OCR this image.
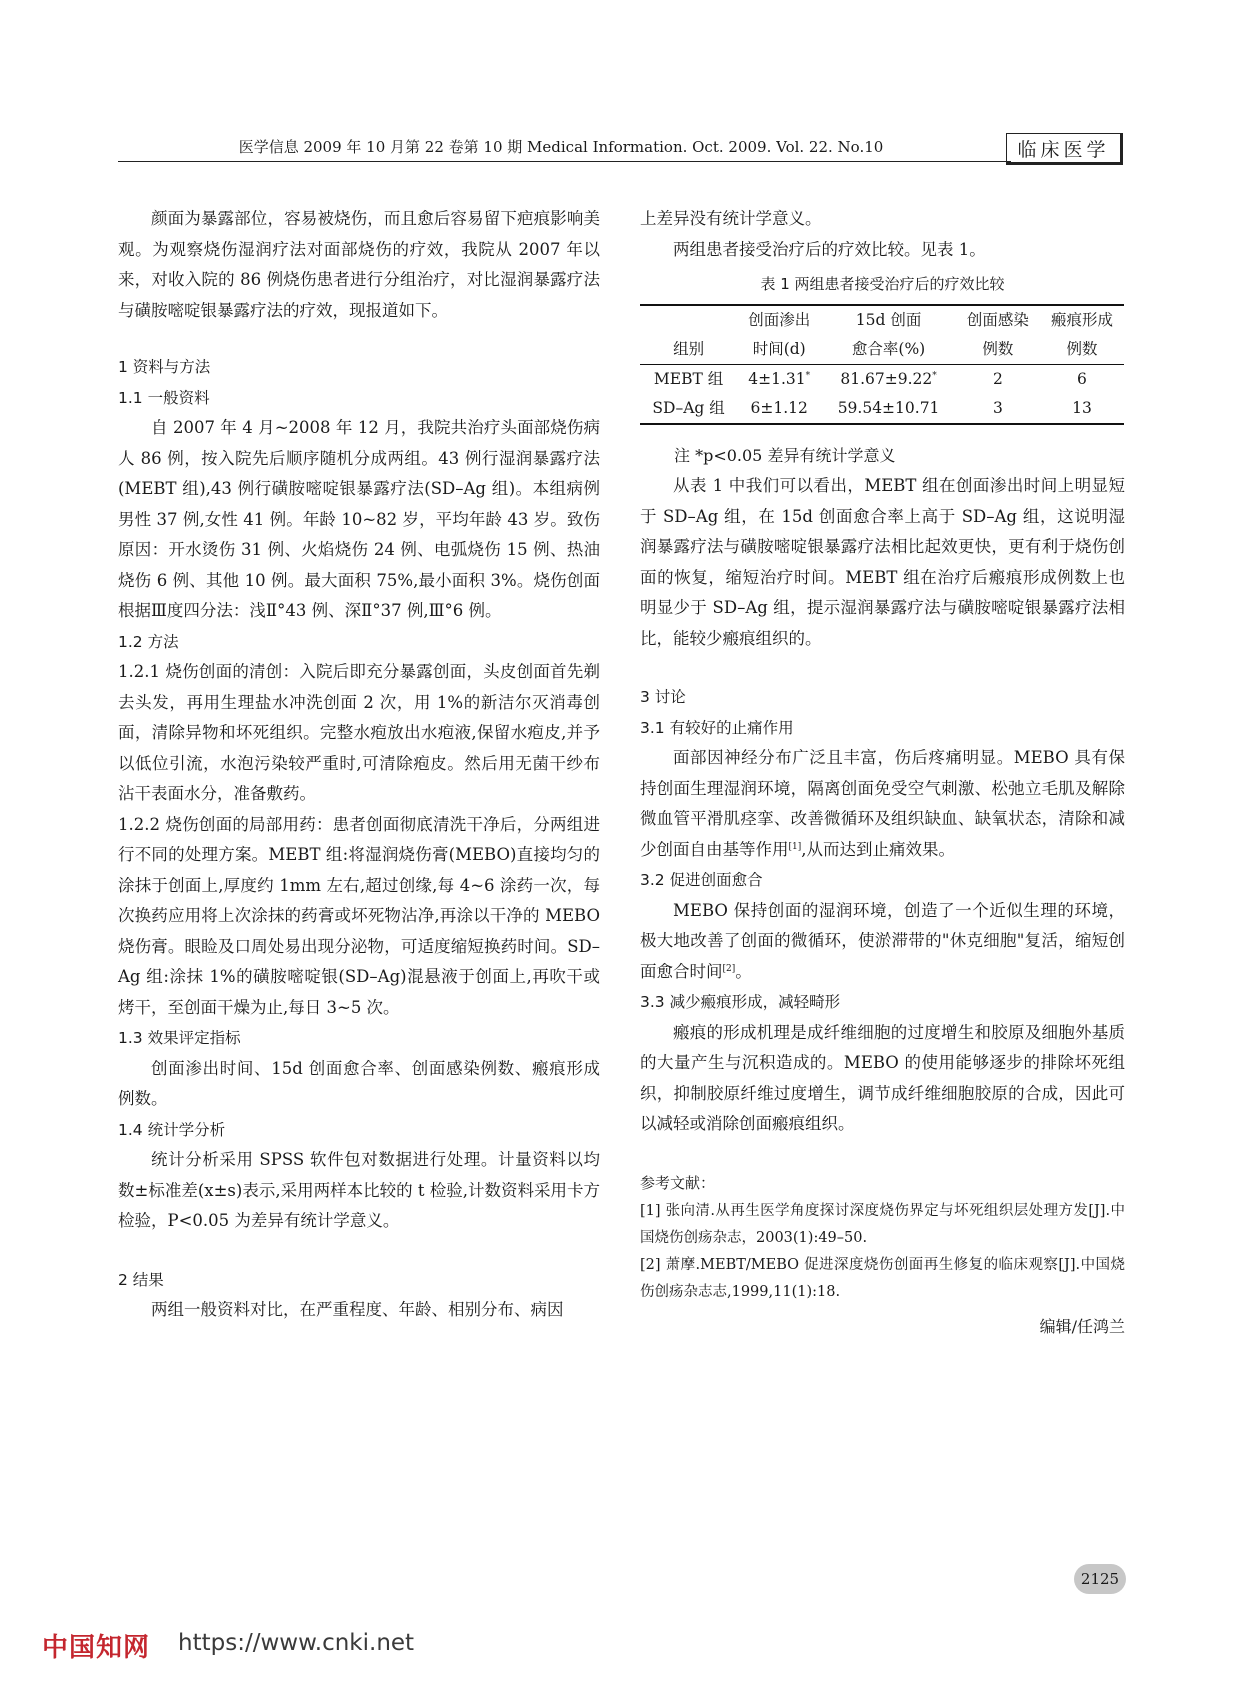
医学信息 2009 年 10 月第 22 卷第 10 期 Medical Information. Oct. 2009. Vol. 22. No.10	临床医学

颜面为暴露部位，容易被烧伤，而且愈后容易留下疤痕影响美观。为观察烧伤湿润疗法对面部烧伤的疗效，我院从 2007 年以来，对收入院的 86 例烧伤患者进行分组治疗，对比湿润暴露疗法与磺胺嘧啶银暴露疗法的疗效，现报道如下。

1 资料与方法

1.1 一般资料

自 2007 年 4 月~2008 年 12 月，我院共治疗头面部烧伤病人 86 例，按入院先后顺序随机分成两组。43 例行湿润暴露疗法(MEBT 组),43 例行磺胺嘧啶银暴露疗法(SD–Ag 组)。本组病例男性 37 例,女性 41 例。年龄 10~82 岁，平均年龄 43 岁。致伤原因：开水烫伤 31 例、火焰烧伤 24 例、电弧烧伤 15 例、热油烧伤 6 例、其他 10 例。最大面积 75%,最小面积 3%。烧伤创面根据Ⅲ度四分法：浅Ⅱ°43 例、深Ⅱ°37 例,Ⅲ°6 例。

1.2 方法

1.2.1 烧伤创面的清创：入院后即充分暴露创面，头皮创面首先剃去头发，再用生理盐水冲洗创面 2 次，用 1%的新洁尔灭消毒创面，清除异物和坏死组织。完整水疱放出水疱液,保留水疱皮,并予以低位引流，水泡污染较严重时,可清除疱皮。然后用无菌干纱布沾干表面水分，准备敷药。

1.2.2 烧伤创面的局部用药：患者创面彻底清洗干净后，分两组进行不同的处理方案。MEBT 组:将湿润烧伤膏(MEBO)直接均匀的涂抹于创面上,厚度约 1mm 左右,超过创缘,每 4~6 涂药一次，每次换药应用将上次涂抹的药膏或坏死物沾净,再涂以干净的 MEBO 烧伤膏。眼睑及口周处易出现分泌物，可适度缩短换药时间。SD–Ag 组:涂抹 1%的磺胺嘧啶银(SD–Ag)混悬液于创面上,再吹干或烤干，至创面干燥为止,每日 3~5 次。

1.3 效果评定指标

创面渗出时间、15d 创面愈合率、创面感染例数、瘢痕形成例数。

1.4 统计学分析

统计分析采用 SPSS 软件包对数据进行处理。计量资料以均数±标准差(x±s)表示,采用两样本比较的 t 检验,计数资料采用卡方检验，P<0.05 为差异有统计学意义。

2 结果

两组一般资料对比，在严重程度、年龄、相别分布、病因

上差异没有统计学意义。

两组患者接受治疗后的疗效比较。见表 1。

表 1 两组患者接受治疗后的疗效比较

	创面渗出	15d 创面	创面感染	瘢痕形成
组别	时间(d)	愈合率(%)	例数	例数
MEBT 组	4±1.31*	81.67±9.22*	2	6
SD–Ag 组	6±1.12	59.54±10.71	3	13

注 *p<0.05 差异有统计学意义

从表 1 中我们可以看出，MEBT 组在创面渗出时间上明显短于 SD–Ag 组，在 15d 创面愈合率上高于 SD–Ag 组，这说明湿润暴露疗法与磺胺嘧啶银暴露疗法相比起效更快，更有利于烧伤创面的恢复，缩短治疗时间。MEBT 组在治疗后瘢痕形成例数上也明显少于 SD–Ag 组，提示湿润暴露疗法与磺胺嘧啶银暴露疗法相比，能较少瘢痕组织的。

3 讨论

3.1 有较好的止痛作用

面部因神经分布广泛且丰富，伤后疼痛明显。MEBO 具有保持创面生理湿润环境，隔离创面免受空气刺激、松弛立毛肌及解除微血管平滑肌痉挛、改善微循环及组织缺血、缺氧状态，清除和减少创面自由基等作用[1],从而达到止痛效果。

3.2 促进创面愈合

MEBO 保持创面的湿润环境，创造了一个近似生理的环境，极大地改善了创面的微循环，使淤滞带的"休克细胞"复活，缩短创面愈合时间[2]。

3.3 减少瘢痕形成，减轻畸形

瘢痕的形成机理是成纤维细胞的过度增生和胶原及细胞外基质的大量产生与沉积造成的。MEBO 的使用能够逐步的排除坏死组织，抑制胶原纤维过度增生，调节成纤维细胞胶原的合成，因此可以减轻或消除创面瘢痕组织。

参考文献：

[1] 张向清.从再生医学角度探讨深度烧伤界定与坏死组织层处理方发[J].中国烧伤创疡杂志，2003(1):49–50.

[2] 萧摩.MEBT/MEBO 促进深度烧伤创面再生修复的临床观察[J].中国烧伤创疡杂志志,1999,11(1):18.

编辑/任鸿兰

2125
中国知网 https://www.cnki.net
